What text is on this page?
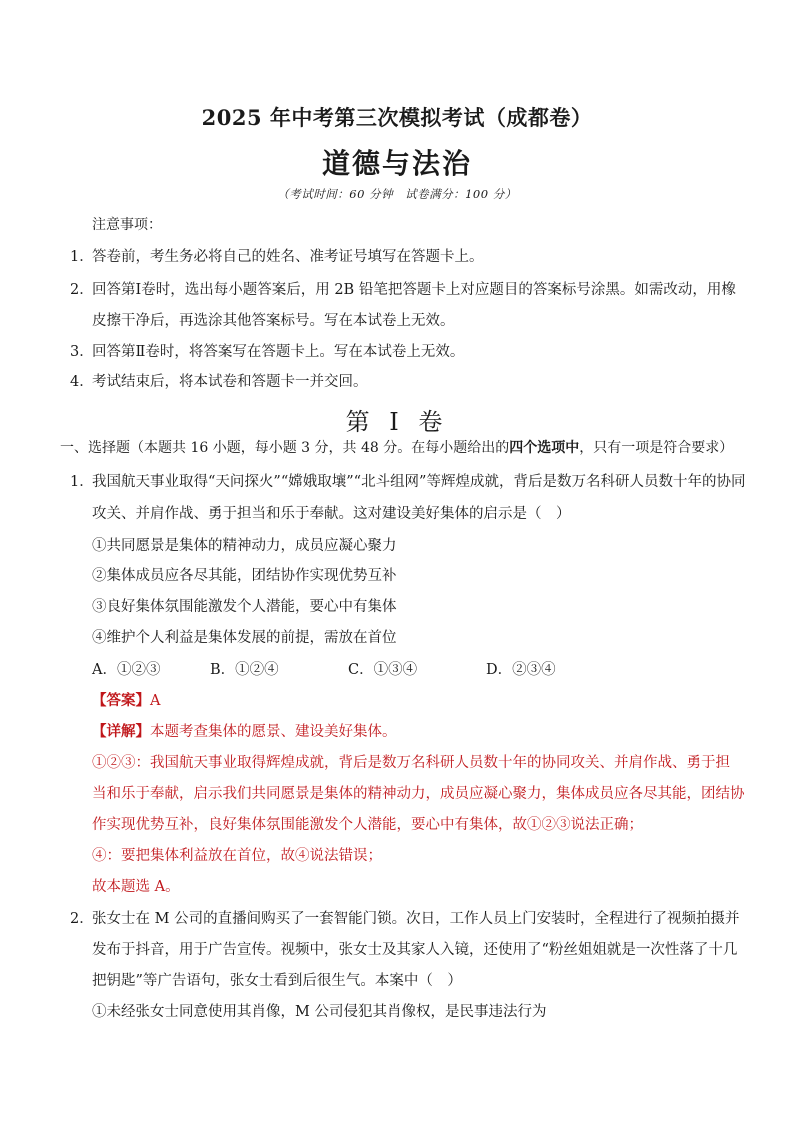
2025 年中考第三次模拟考试（成都卷）
道德与法治
（考试时间：60 分钟　试卷满分：100 分）
注意事项：
1．
答卷前，考生务必将自己的姓名、准考证号填写在答题卡上。
2．
回答第Ⅰ卷时，选出每小题答案后，用 2B 铅笔把答题卡上对应题目的答案标号涂黑。如需改动，用橡
皮擦干净后，再选涂其他答案标号。写在本试卷上无效。
3．
回答第Ⅱ卷时，将答案写在答题卡上。写在本试卷上无效。
4．
考试结束后，将本试卷和答题卡一并交回。
第 I 卷
一、选择题（本题共 16 小题，每小题 3 分，共 48 分。在每小题给出的四个选项中，只有一项是符合要求）
1．
我国航天事业取得“天问探火”“嫦娥取壤”“北斗组网”等辉煌成就，背后是数万名科研人员数十年的协同
攻关、并肩作战、勇于担当和乐于奉献。这对建设美好集体的启示是（　）
①共同愿景是集体的精神动力，成员应凝心聚力
②集体成员应各尽其能，团结协作实现优势互补
③良好集体氛围能激发个人潜能，要心中有集体
④维护个人利益是集体发展的前提，需放在首位
A．①②③	B．①②④	C．①③④	D．②③④
【答案】A
【详解】本题考查集体的愿景、建设美好集体。
①②③：我国航天事业取得辉煌成就，背后是数万名科研人员数十年的协同攻关、并肩作战、勇于担
当和乐于奉献，启示我们共同愿景是集体的精神动力，成员应凝心聚力，集体成员应各尽其能，团结协
作实现优势互补，良好集体氛围能激发个人潜能，要心中有集体，故①②③说法正确；
④：要把集体利益放在首位，故④说法错误；
故本题选 A。
2．
张女士在 M 公司的直播间购买了一套智能门锁。次日，工作人员上门安装时，全程进行了视频拍摄并
发布于抖音，用于广告宣传。视频中，张女士及其家人入镜，还使用了“粉丝姐姐就是一次性落了十几
把钥匙”等广告语句，张女士看到后很生气。本案中（　）
①未经张女士同意使用其肖像，M 公司侵犯其肖像权，是民事违法行为
